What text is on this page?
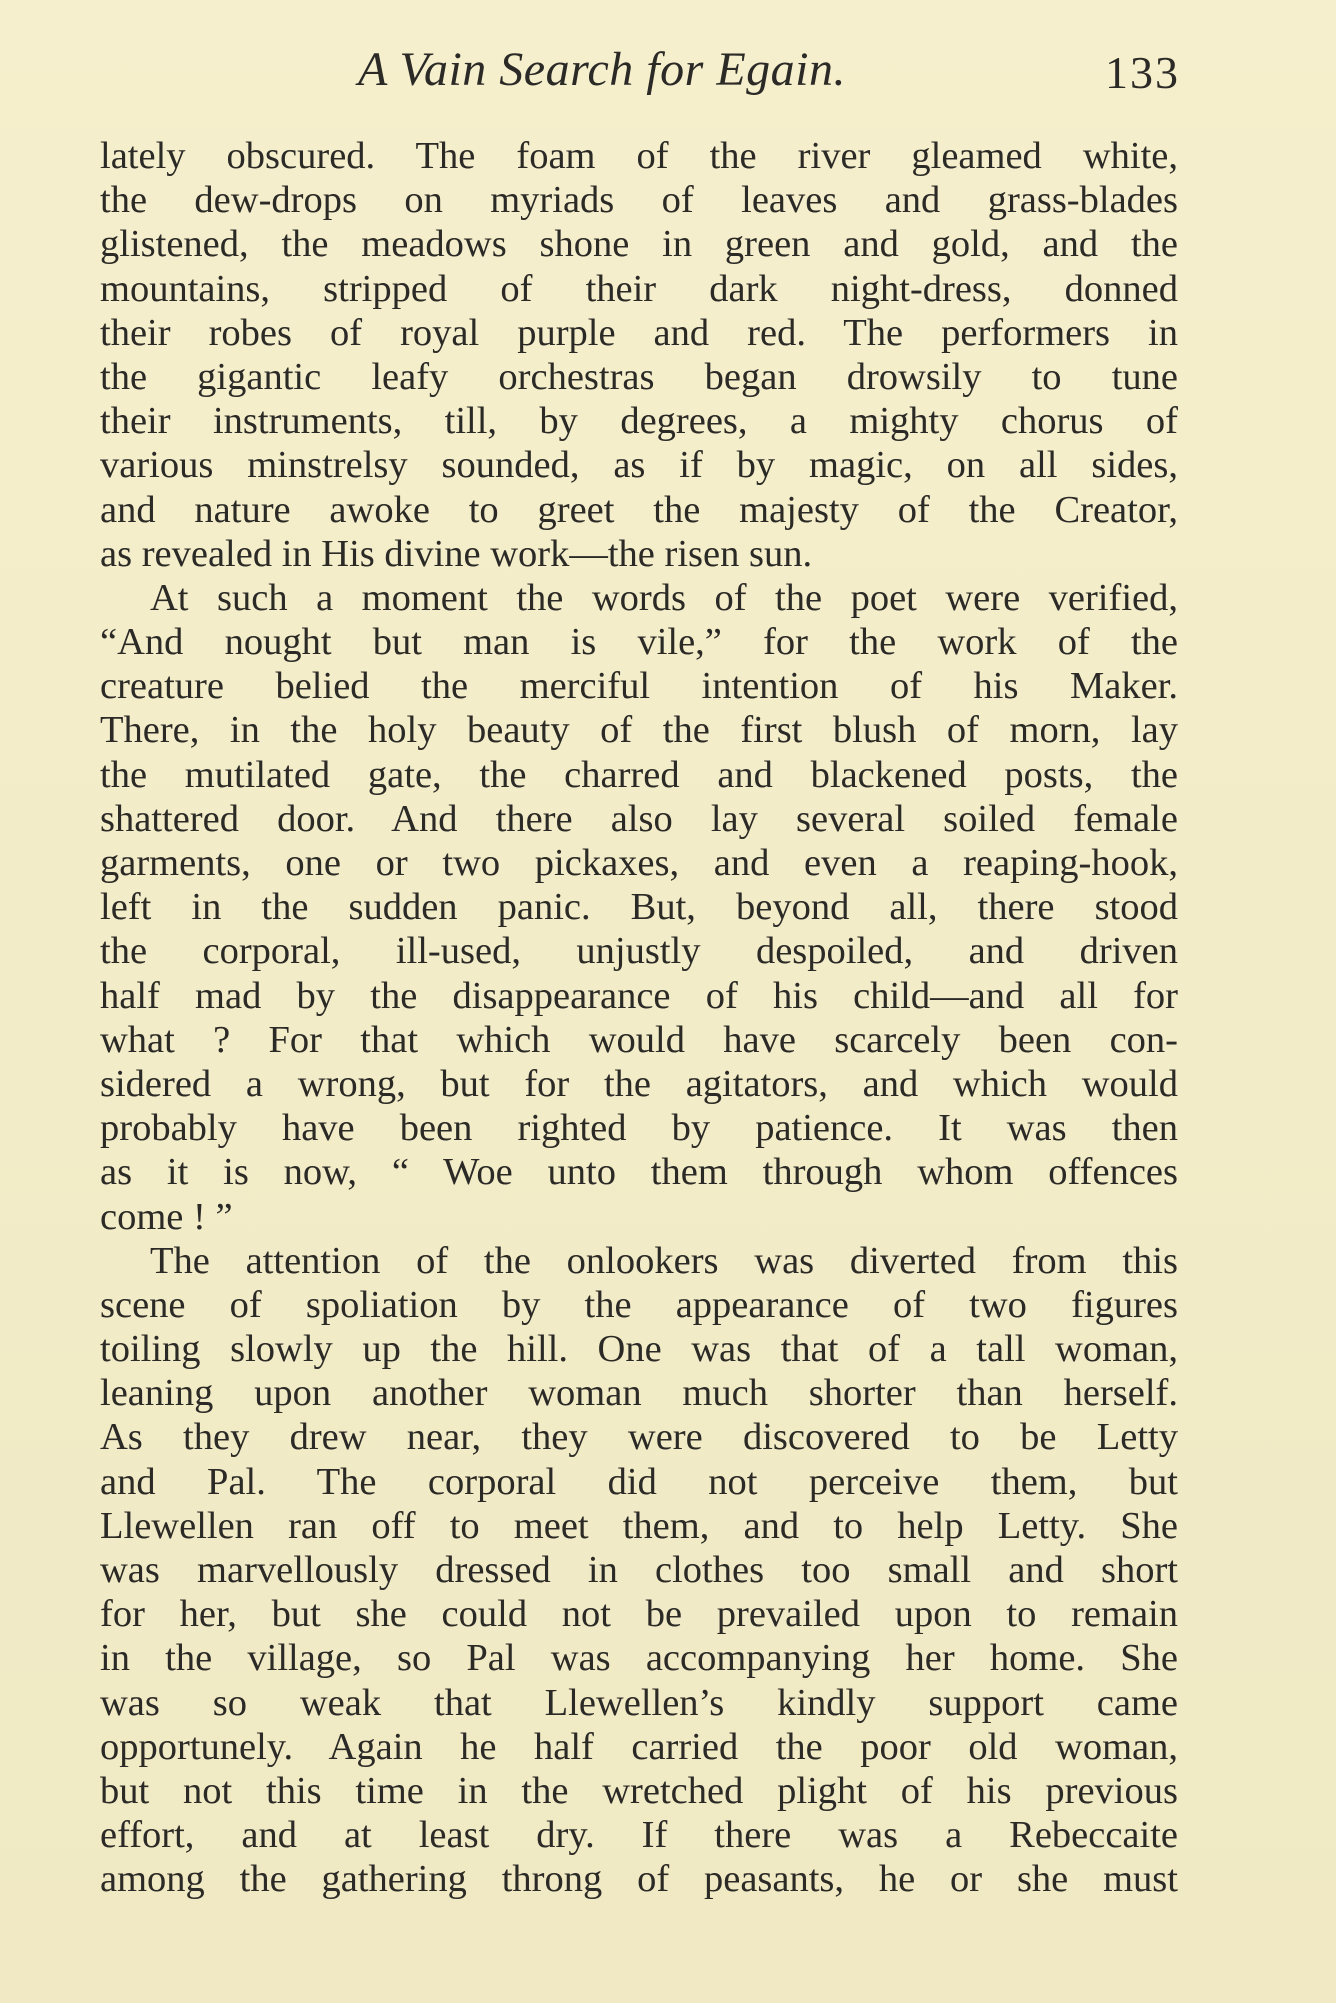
A Vain Search for Egain.	133
lately obscured. The foam of the river gleamed white,
the dew-drops on myriads of leaves and grass-blades
glistened, the meadows shone in green and gold, and the
mountains, stripped of their dark night-dress, donned
their robes of royal purple and red. The performers in
the gigantic leafy orchestras began drowsily to tune
their instruments, till, by degrees, a mighty chorus of
various minstrelsy sounded, as if by magic, on all sides,
and nature awoke to greet the majesty of the Creator,
as revealed in His divine work—the risen sun.
At such a moment the words of the poet were verified,
“And nought but man is vile,” for the work of the
creature belied the merciful intention of his Maker.
There, in the holy beauty of the first blush of morn, lay
the mutilated gate, the charred and blackened posts, the
shattered door. And there also lay several soiled female
garments, one or two pickaxes, and even a reaping-hook,
left in the sudden panic. But, beyond all, there stood
the corporal, ill-used, unjustly despoiled, and driven
half mad by the disappearance of his child—and all for
what ? For that which would have scarcely been con-
sidered a wrong, but for the agitators, and which would
probably have been righted by patience. It was then
as it is now, “ Woe unto them through whom offences
come ! ”
The attention of the onlookers was diverted from this
scene of spoliation by the appearance of two figures
toiling slowly up the hill. One was that of a tall woman,
leaning upon another woman much shorter than herself.
As they drew near, they were discovered to be Letty
and Pal. The corporal did not perceive them, but
Llewellen ran off to meet them, and to help Letty. She
was marvellously dressed in clothes too small and short
for her, but she could not be prevailed upon to remain
in the village, so Pal was accompanying her home. She
was so weak that Llewellen’s kindly support came
opportunely. Again he half carried the poor old woman,
but not this time in the wretched plight of his previous
effort, and at least dry. If there was a Rebeccaite
among the gathering throng of peasants, he or she must
